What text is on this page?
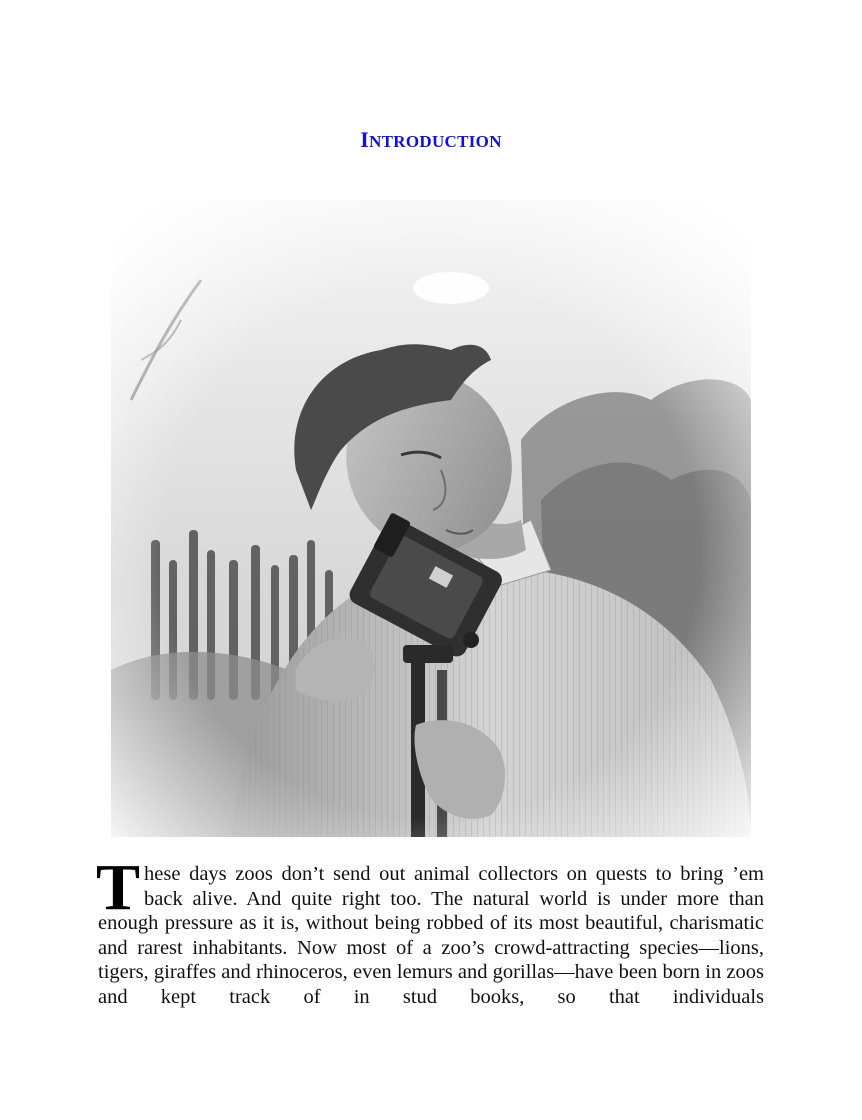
INTRODUCTION
These days zoos don’t send out animal collectors on quests to bring ’em back alive. And quite right too. The natural world is under more than enough pressure as it is, without being robbed of its most beautiful, charismatic and rarest inhabitants. Now most of a zoo’s crowd-attracting species—lions, tigers, giraffes and rhinoceros, even lemurs and gorillas—have been born in zoos and kept track of in stud books, so that individuals
